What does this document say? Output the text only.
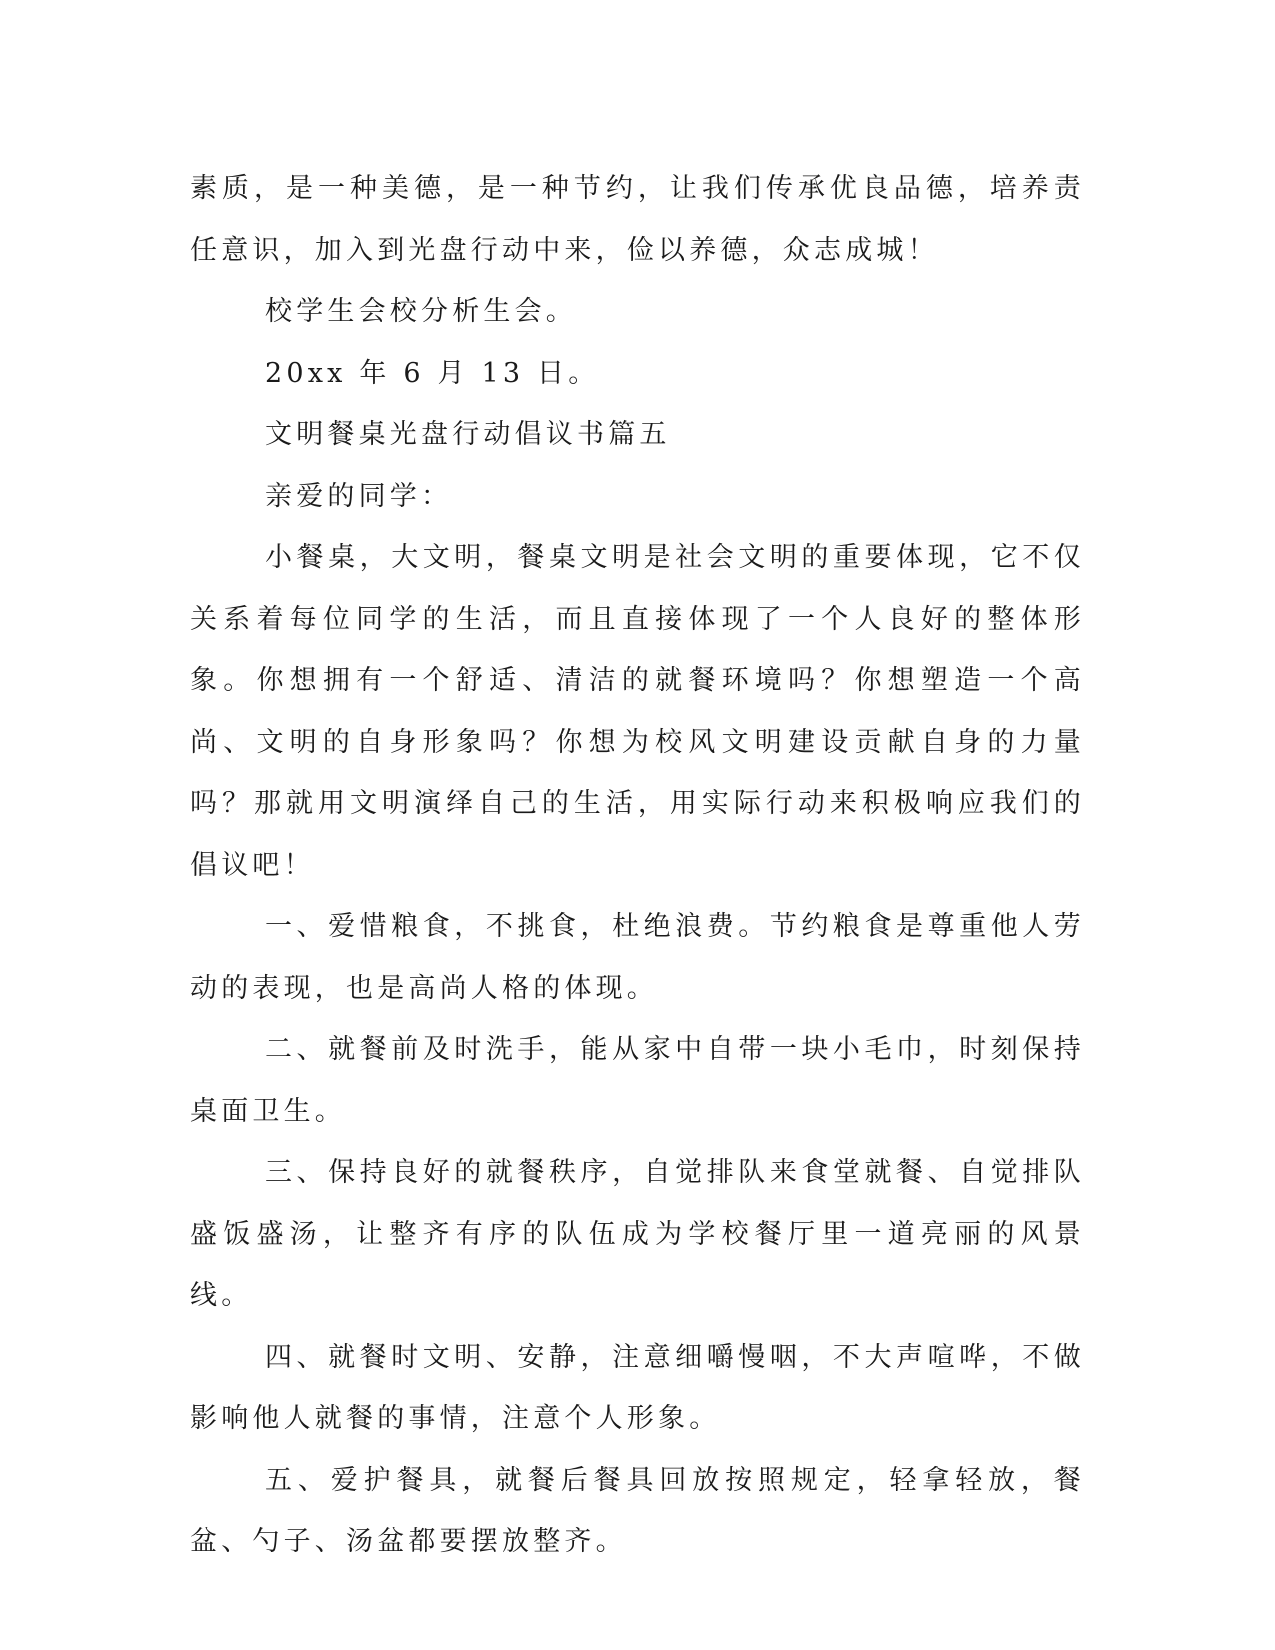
素质，是一种美德，是一种节约，让我们传承优良品德，培养责任意识，加入到光盘行动中来，俭以养德，众志成城！

校学生会校分析生会。

20xx 年 6 月 13 日。

文明餐桌光盘行动倡议书篇五

亲爱的同学：

小餐桌，大文明，餐桌文明是社会文明的重要体现，它不仅关系着每位同学的生活，而且直接体现了一个人良好的整体形象。你想拥有一个舒适、清洁的就餐环境吗？你想塑造一个高尚、文明的自身形象吗？你想为校风文明建设贡献自身的力量吗？那就用文明演绎自己的生活，用实际行动来积极响应我们的倡议吧！

一、爱惜粮食，不挑食，杜绝浪费。节约粮食是尊重他人劳动的表现，也是高尚人格的体现。

二、就餐前及时洗手，能从家中自带一块小毛巾，时刻保持桌面卫生。

三、保持良好的就餐秩序，自觉排队来食堂就餐、自觉排队盛饭盛汤，让整齐有序的队伍成为学校餐厅里一道亮丽的风景线。

四、就餐时文明、安静，注意细嚼慢咽，不大声喧哗，不做影响他人就餐的事情，注意个人形象。

五、爱护餐具，就餐后餐具回放按照规定，轻拿轻放，餐盆、勺子、汤盆都要摆放整齐。
